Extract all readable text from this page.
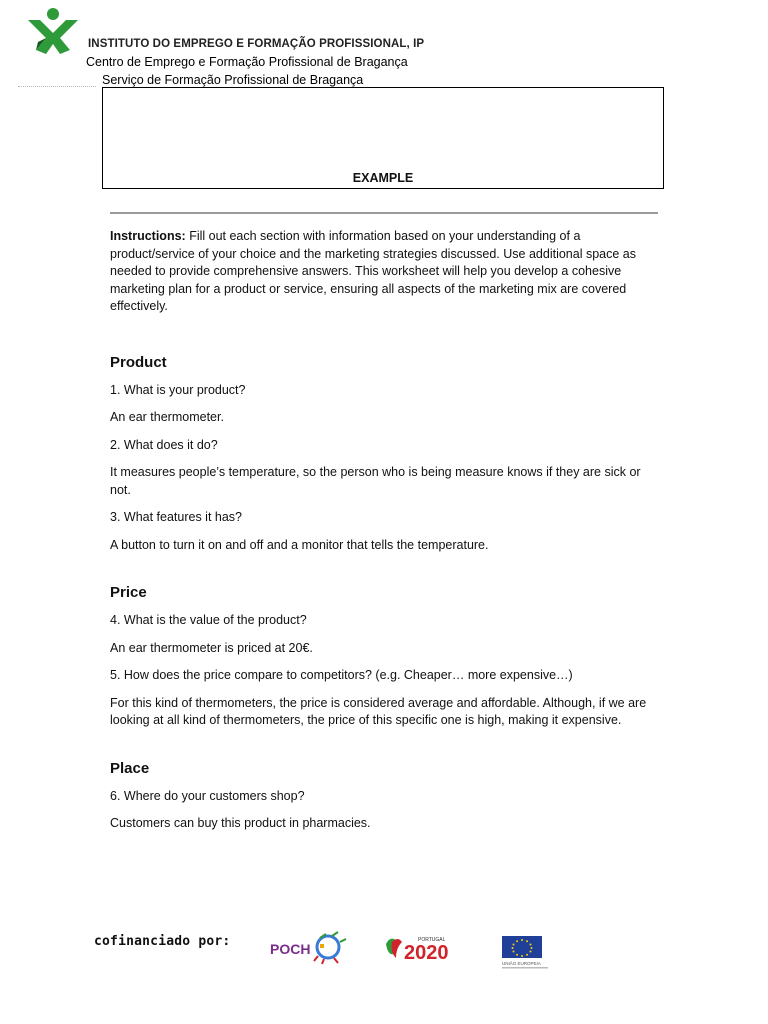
INSTITUTO DO EMPREGO E FORMAÇÃO PROFISSIONAL, IP
Centro de Emprego e Formação Profissional de Bragança
Serviço de Formação Profissional de Bragança
EXAMPLE

Instructions: Fill out each section with information based on your understanding of a product/service of your choice and the marketing strategies discussed. Use additional space as needed to provide comprehensive answers. This worksheet will help you develop a cohesive marketing plan for a product or service, ensuring all aspects of the marketing mix are covered effectively.

Product

1. What is your product?

An ear thermometer.

2. What does it do?

It measures people’s temperature, so the person who is being measure knows if they are sick or not.

3. What features it has?

A button to turn it on and off and a monitor that tells the temperature.

Price

4. What is the value of the product?

An ear thermometer is priced at 20€.

5. How does the price compare to competitors? (e.g. Cheaper… more expensive…)

For this kind of thermometers, the price is considered average and affordable. Although, if we are looking at all kind of thermometers, the price of this specific one is high, making it expensive.

Place

6. Where do your customers shop?

Customers can buy this product in pharmacies.

cofinanciado por:	POCH
PORTUGAL
2020	UNIÃO EUROPEIA
